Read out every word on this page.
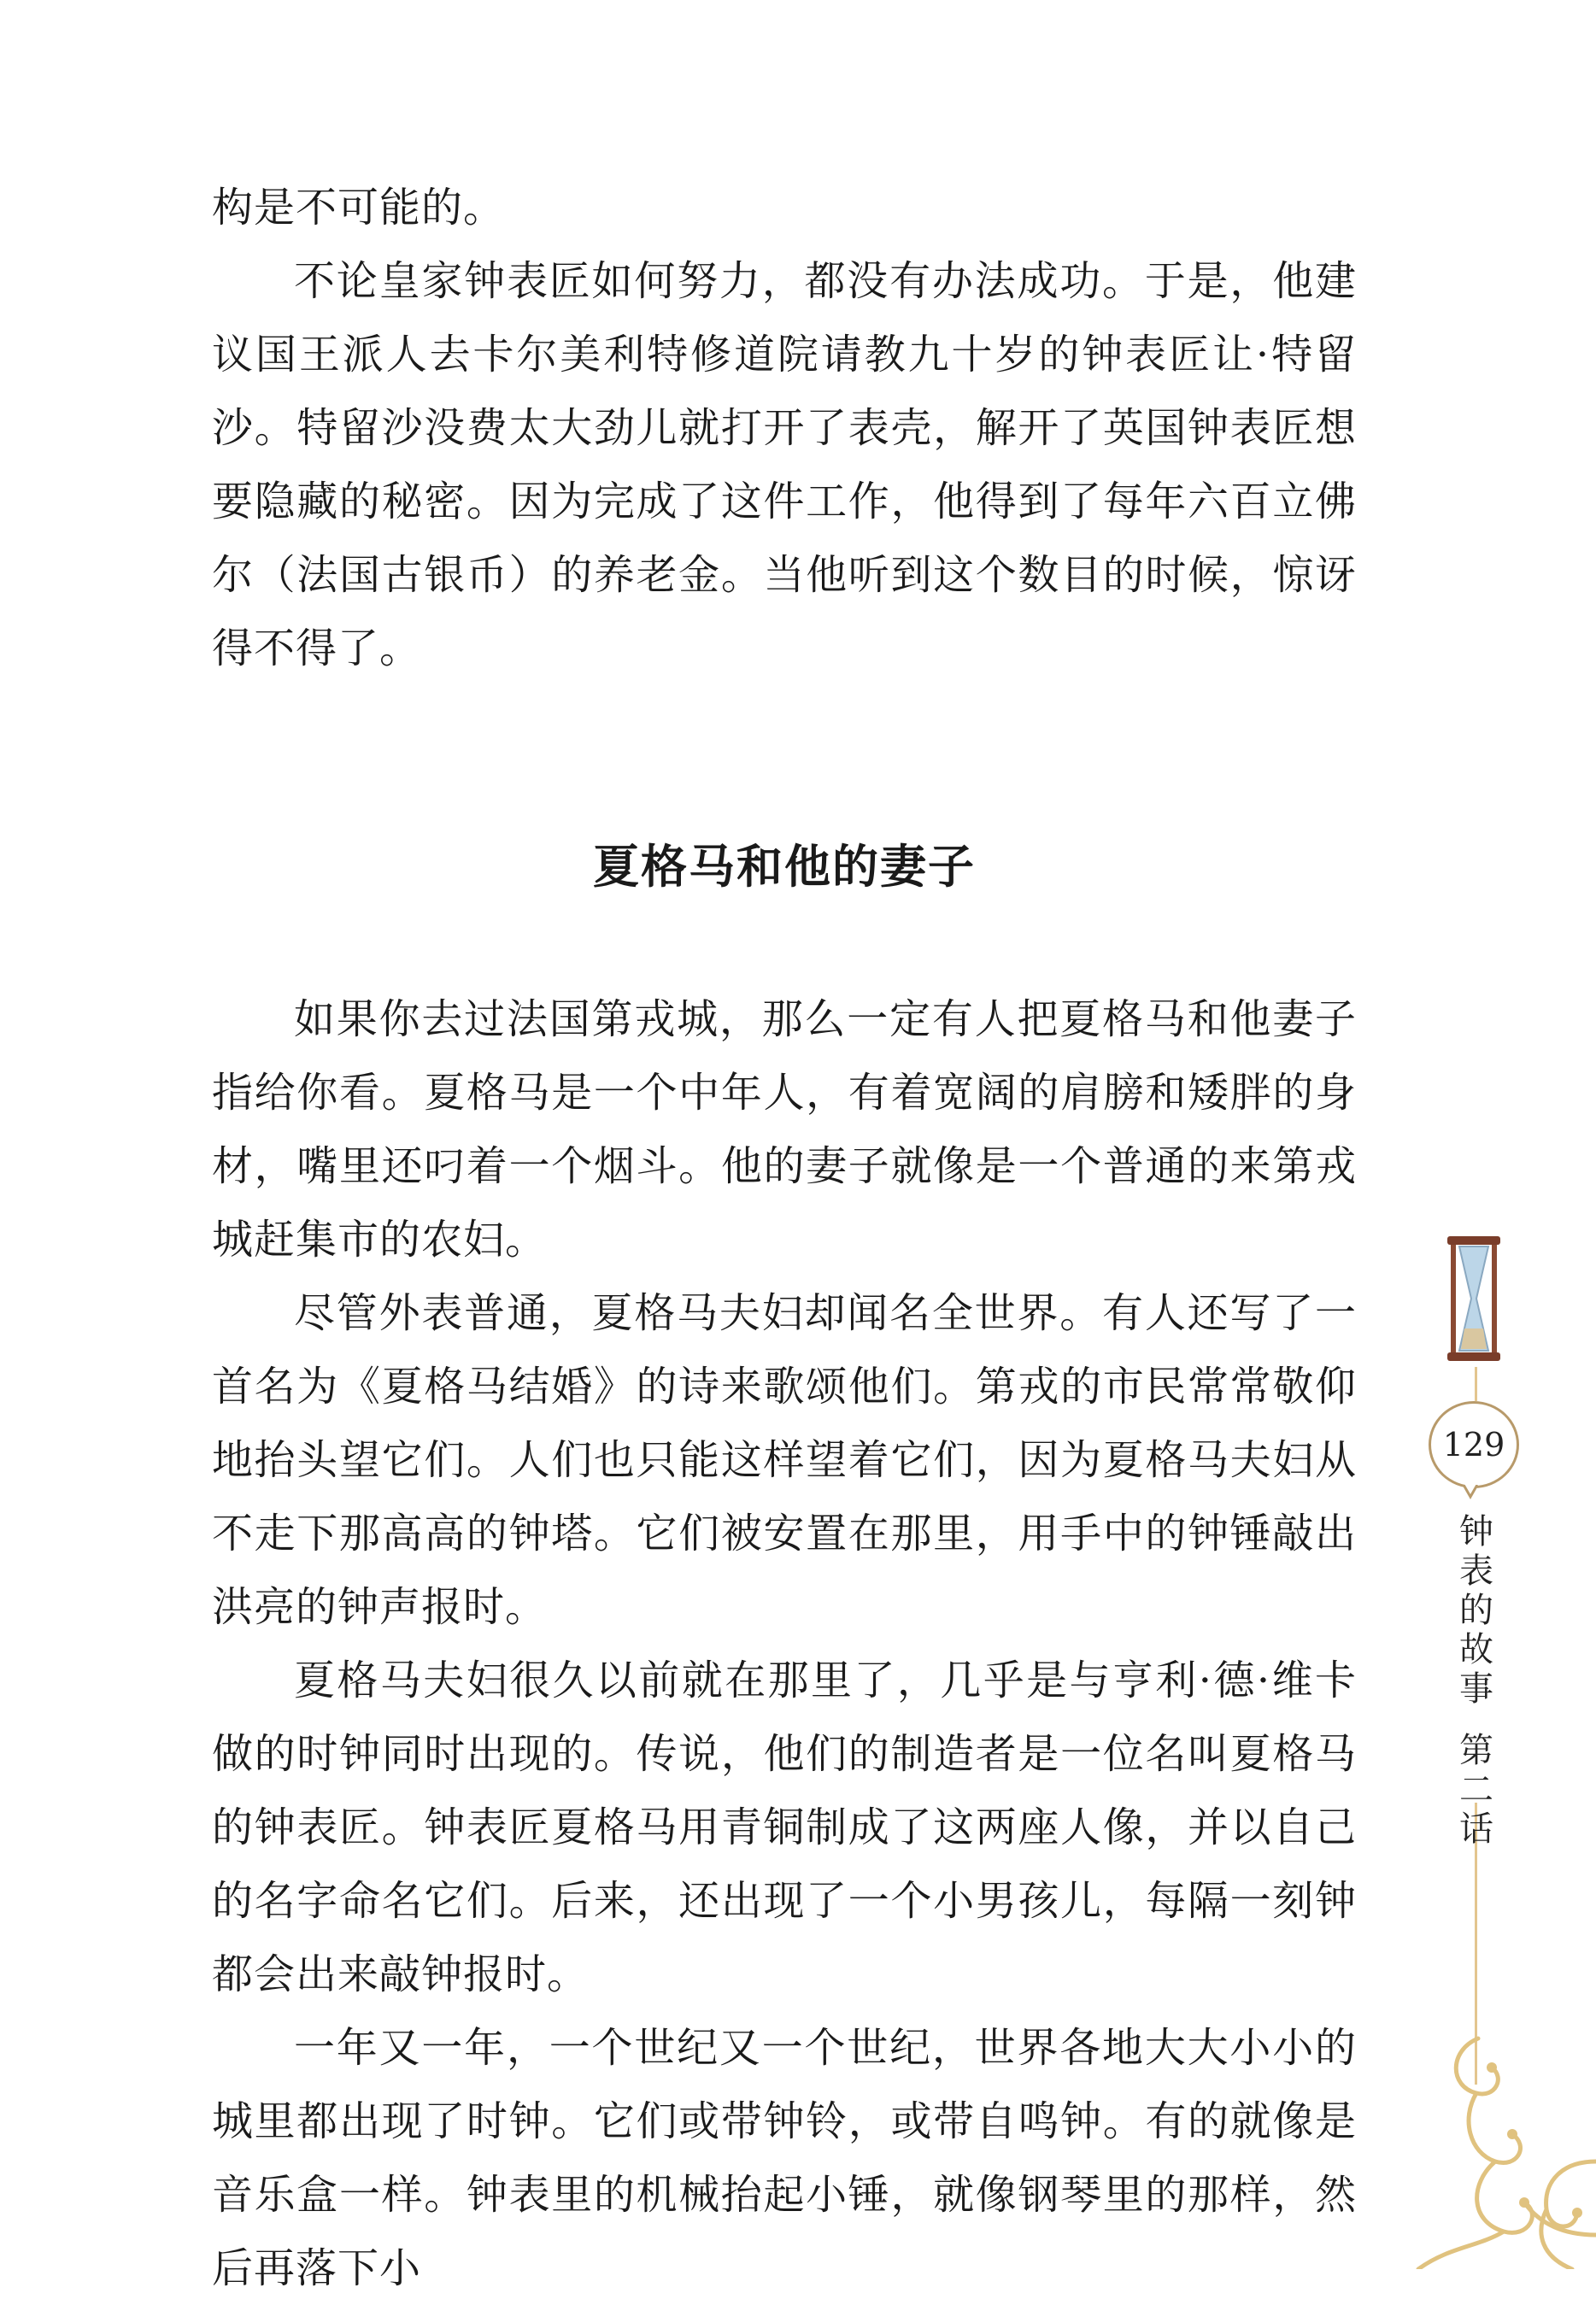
构是不可能的。

不论皇家钟表匠如何努力，都没有办法成功。于是，他建议国王派人去卡尔美利特修道院请教九十岁的钟表匠让·特留沙。特留沙没费太大劲儿就打开了表壳，解开了英国钟表匠想要隐藏的秘密。因为完成了这件工作，他得到了每年六百立佛尔（法国古银币）的养老金。当他听到这个数目的时候，惊讶得不得了。

夏格马和他的妻子

如果你去过法国第戎城，那么一定有人把夏格马和他妻子指给你看。夏格马是一个中年人，有着宽阔的肩膀和矮胖的身材，嘴里还叼着一个烟斗。他的妻子就像是一个普通的来第戎城赶集市的农妇。

尽管外表普通，夏格马夫妇却闻名全世界。有人还写了一首名为《夏格马结婚》的诗来歌颂他们。第戎的市民常常敬仰地抬头望它们。人们也只能这样望着它们，因为夏格马夫妇从不走下那高高的钟塔。它们被安置在那里，用手中的钟锤敲出洪亮的钟声报时。

夏格马夫妇很久以前就在那里了，几乎是与亨利·德·维卡做的时钟同时出现的。传说，他们的制造者是一位名叫夏格马的钟表匠。钟表匠夏格马用青铜制成了这两座人像，并以自己的名字命名它们。后来，还出现了一个小男孩儿，每隔一刻钟都会出来敲钟报时。

一年又一年，一个世纪又一个世纪，世界各地大大小小的城里都出现了时钟。它们或带钟铃，或带自鸣钟。有的就像是音乐盒一样。钟表里的机械抬起小锤，就像钢琴里的那样，然后再落下小

129
钟
表
的
故
事
第
二
话
